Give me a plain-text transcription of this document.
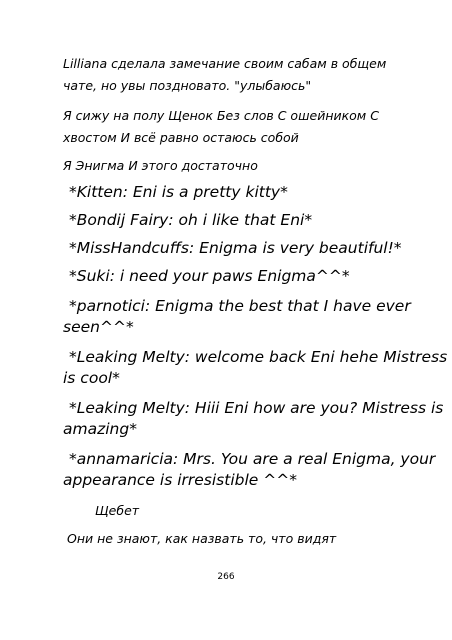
Lilliana сделала замечание своим сабам в общем
чате, но увы поздновато. "улыбаюсь"
Я сижу на полу Щенок Без слов С ошейником С
хвостом И всё равно остаюсь собой
Я Энигма И этого достаточно
*Kitten: Eni is a pretty kitty*
*Bondij Fairy: oh i like that Eni*
*MissHandcuffs: Enigma is very beautiful!*
*Suki: i need your paws Enigma^^*
*parnotici: Enigma the best that I have ever
seen^^*
*Leaking Melty: welcome back Eni hehe Mistress
is cool*
*Leaking Melty: Hiii Eni how are you? Mistress is
amazing*
*annamaricia: Mrs. You are a real Enigma, your
appearance is irresistible ^^*
Щебет
Они не знают, как назвать то, что видят
266
